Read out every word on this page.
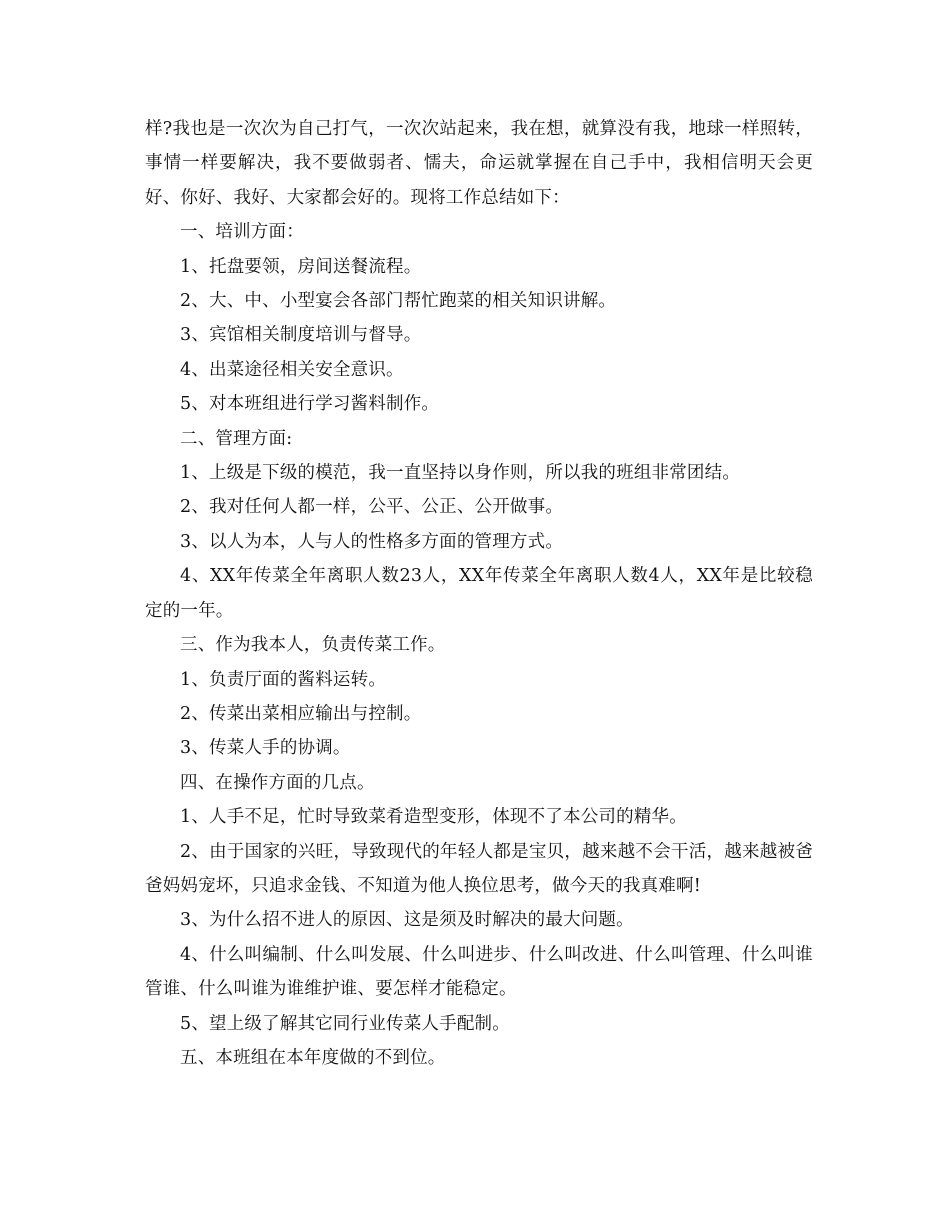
样?我也是一次次为自己打气，一次次站起来，我在想，就算没有我，地球一样照转，事情一样要解决，我不要做弱者、懦夫，命运就掌握在自己手中，我相信明天会更好、你好、我好、大家都会好的。现将工作总结如下：

一、培训方面：

1、托盘要领，房间送餐流程。

2、大、中、小型宴会各部门帮忙跑菜的相关知识讲解。

3、宾馆相关制度培训与督导。

4、出菜途径相关安全意识。

5、对本班组进行学习酱料制作。

二、管理方面:

1、上级是下级的模范，我一直坚持以身作则，所以我的班组非常团结。

2、我对任何人都一样，公平、公正、公开做事。

3、以人为本，人与人的性格多方面的管理方式。

4、XX年传菜全年离职人数23人，XX年传菜全年离职人数4人，XX年是比较稳定的一年。

三、作为我本人，负责传菜工作。

1、负责厅面的酱料运转。

2、传菜出菜相应输出与控制。

3、传菜人手的协调。

四、在操作方面的几点。

1、人手不足，忙时导致菜肴造型变形，体现不了本公司的精华。

2、由于国家的兴旺，导致现代的年轻人都是宝贝，越来越不会干活，越来越被爸爸妈妈宠坏，只追求金钱、不知道为他人换位思考，做今天的我真难啊!

3、为什么招不进人的原因、这是须及时解决的最大问题。

4、什么叫编制、什么叫发展、什么叫进步、什么叫改进、什么叫管理、什么叫谁管谁、什么叫谁为谁维护谁、要怎样才能稳定。

5、望上级了解其它同行业传菜人手配制。

五、本班组在本年度做的不到位。
